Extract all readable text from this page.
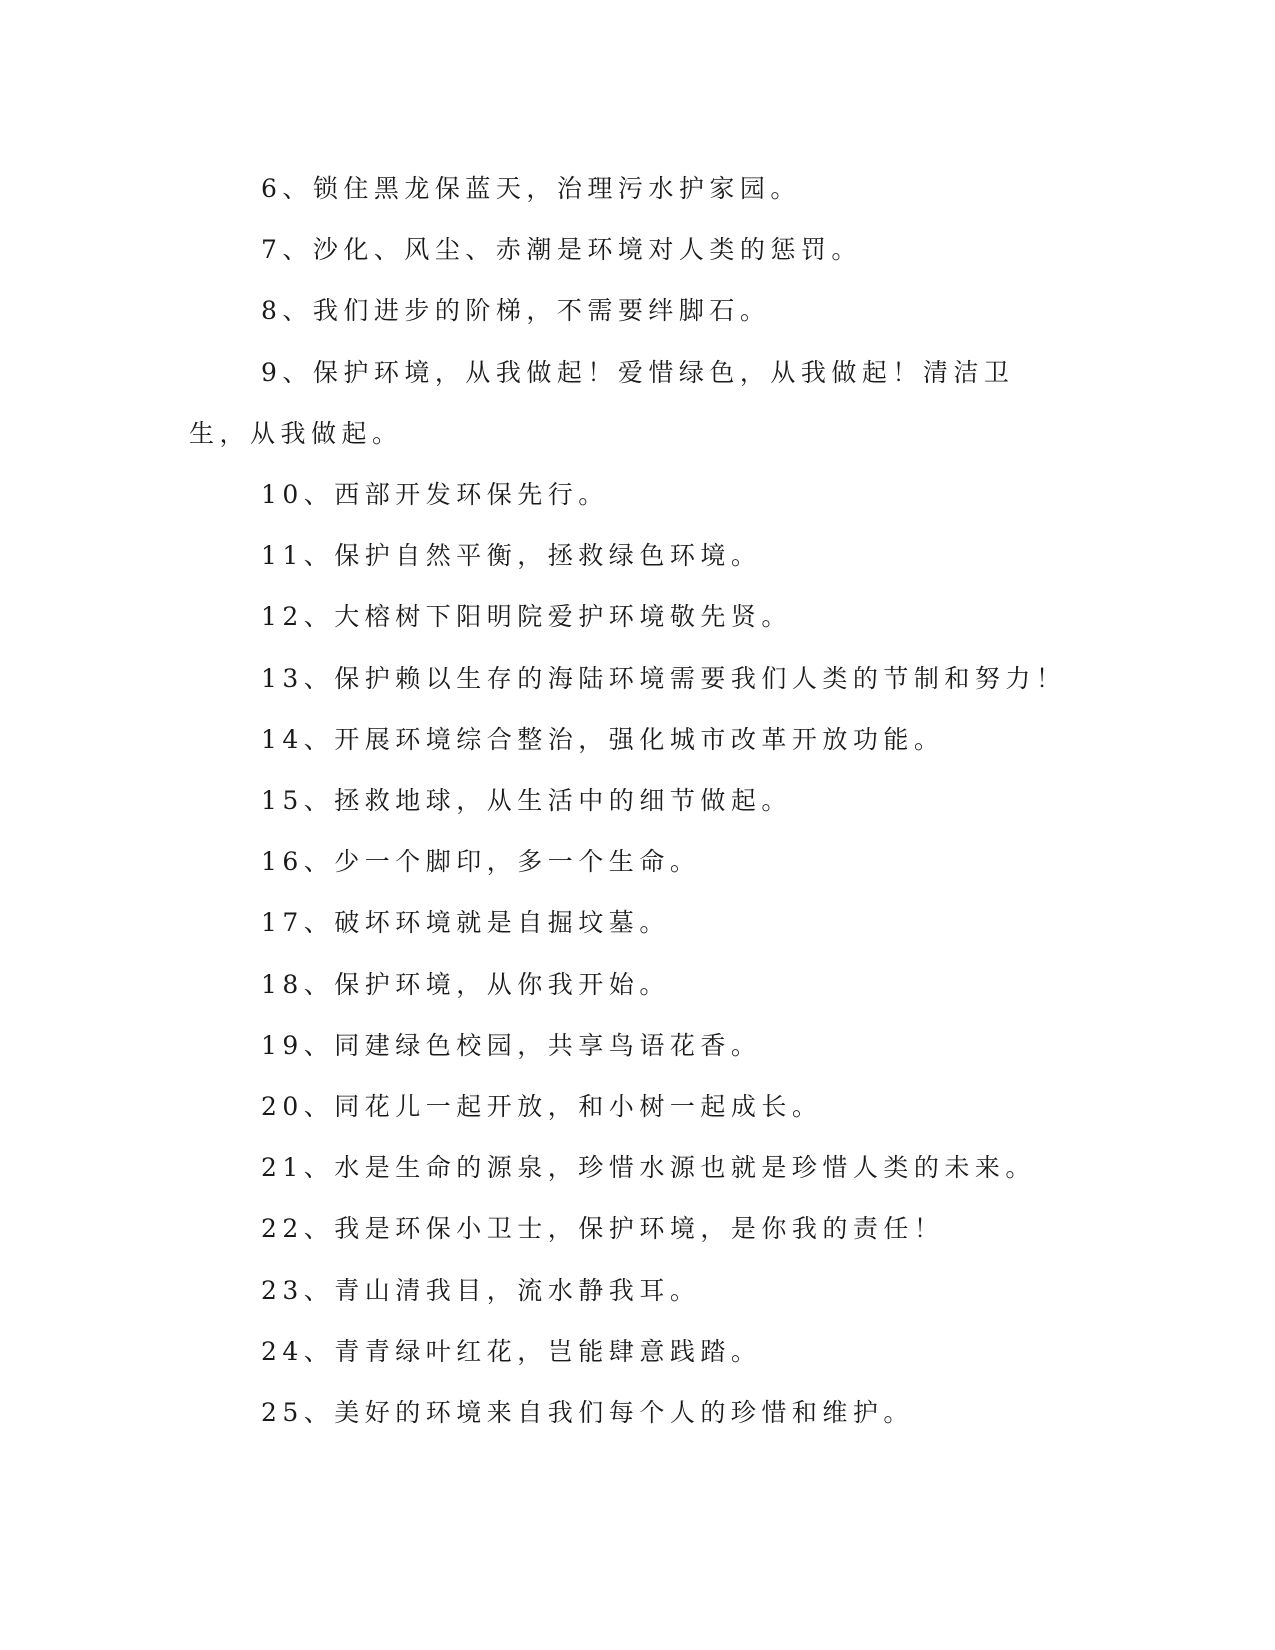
6、锁住黑龙保蓝天，治理污水护家园。

7、沙化、风尘、赤潮是环境对人类的惩罚。

8、我们进步的阶梯，不需要绊脚石。

9、保护环境，从我做起！爱惜绿色，从我做起！清洁卫生，从我做起。

10、西部开发环保先行。

11、保护自然平衡，拯救绿色环境。

12、大榕树下阳明院爱护环境敬先贤。

13、保护赖以生存的海陆环境需要我们人类的节制和努力！

14、开展环境综合整治，强化城市改革开放功能。

15、拯救地球，从生活中的细节做起。

16、少一个脚印，多一个生命。

17、破坏环境就是自掘坟墓。

18、保护环境，从你我开始。

19、同建绿色校园，共享鸟语花香。

20、同花儿一起开放，和小树一起成长。

21、水是生命的源泉，珍惜水源也就是珍惜人类的未来。

22、我是环保小卫士，保护环境，是你我的责任！

23、青山清我目，流水静我耳。

24、青青绿叶红花，岂能肆意践踏。

25、美好的环境来自我们每个人的珍惜和维护。
